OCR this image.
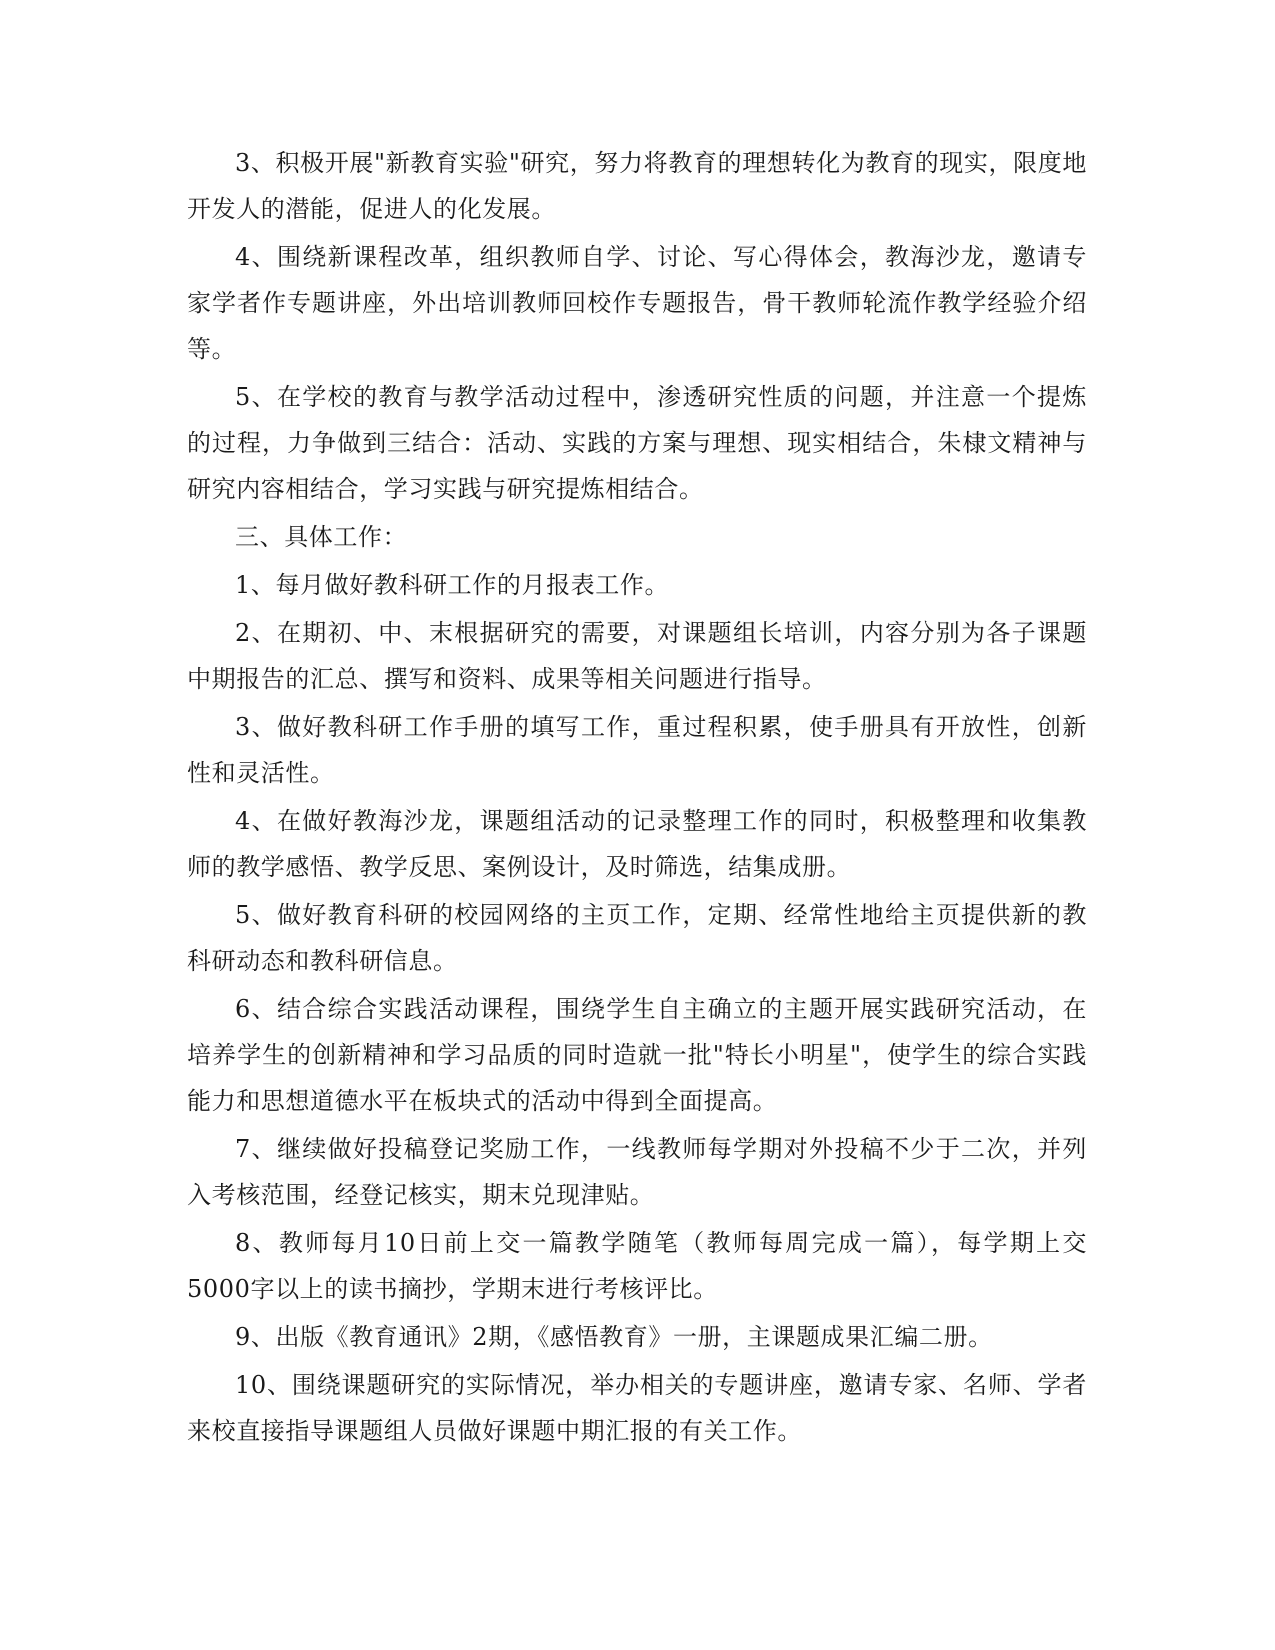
3、积极开展"新教育实验"研究，努力将教育的理想转化为教育的现实，限度地开发人的潜能，促进人的化发展。

4、围绕新课程改革，组织教师自学、讨论、写心得体会，教海沙龙，邀请专家学者作专题讲座，外出培训教师回校作专题报告，骨干教师轮流作教学经验介绍等。

5、在学校的教育与教学活动过程中，渗透研究性质的问题，并注意一个提炼的过程，力争做到三结合：活动、实践的方案与理想、现实相结合，朱棣文精神与研究内容相结合，学习实践与研究提炼相结合。

三、具体工作：

1、每月做好教科研工作的月报表工作。

2、在期初、中、末根据研究的需要，对课题组长培训，内容分别为各子课题中期报告的汇总、撰写和资料、成果等相关问题进行指导。

3、做好教科研工作手册的填写工作，重过程积累，使手册具有开放性，创新性和灵活性。

4、在做好教海沙龙，课题组活动的记录整理工作的同时，积极整理和收集教师的教学感悟、教学反思、案例设计，及时筛选，结集成册。

5、做好教育科研的校园网络的主页工作，定期、经常性地给主页提供新的教科研动态和教科研信息。

6、结合综合实践活动课程，围绕学生自主确立的主题开展实践研究活动，在培养学生的创新精神和学习品质的同时造就一批"特长小明星"，使学生的综合实践能力和思想道德水平在板块式的活动中得到全面提高。

7、继续做好投稿登记奖励工作，一线教师每学期对外投稿不少于二次，并列入考核范围，经登记核实，期末兑现津贴。

8、教师每月10日前上交一篇教学随笔（教师每周完成一篇），每学期上交5000字以上的读书摘抄，学期末进行考核评比。

9、出版《教育通讯》2期，《感悟教育》一册，主课题成果汇编二册。

10、围绕课题研究的实际情况，举办相关的专题讲座，邀请专家、名师、学者来校直接指导课题组人员做好课题中期汇报的有关工作。
